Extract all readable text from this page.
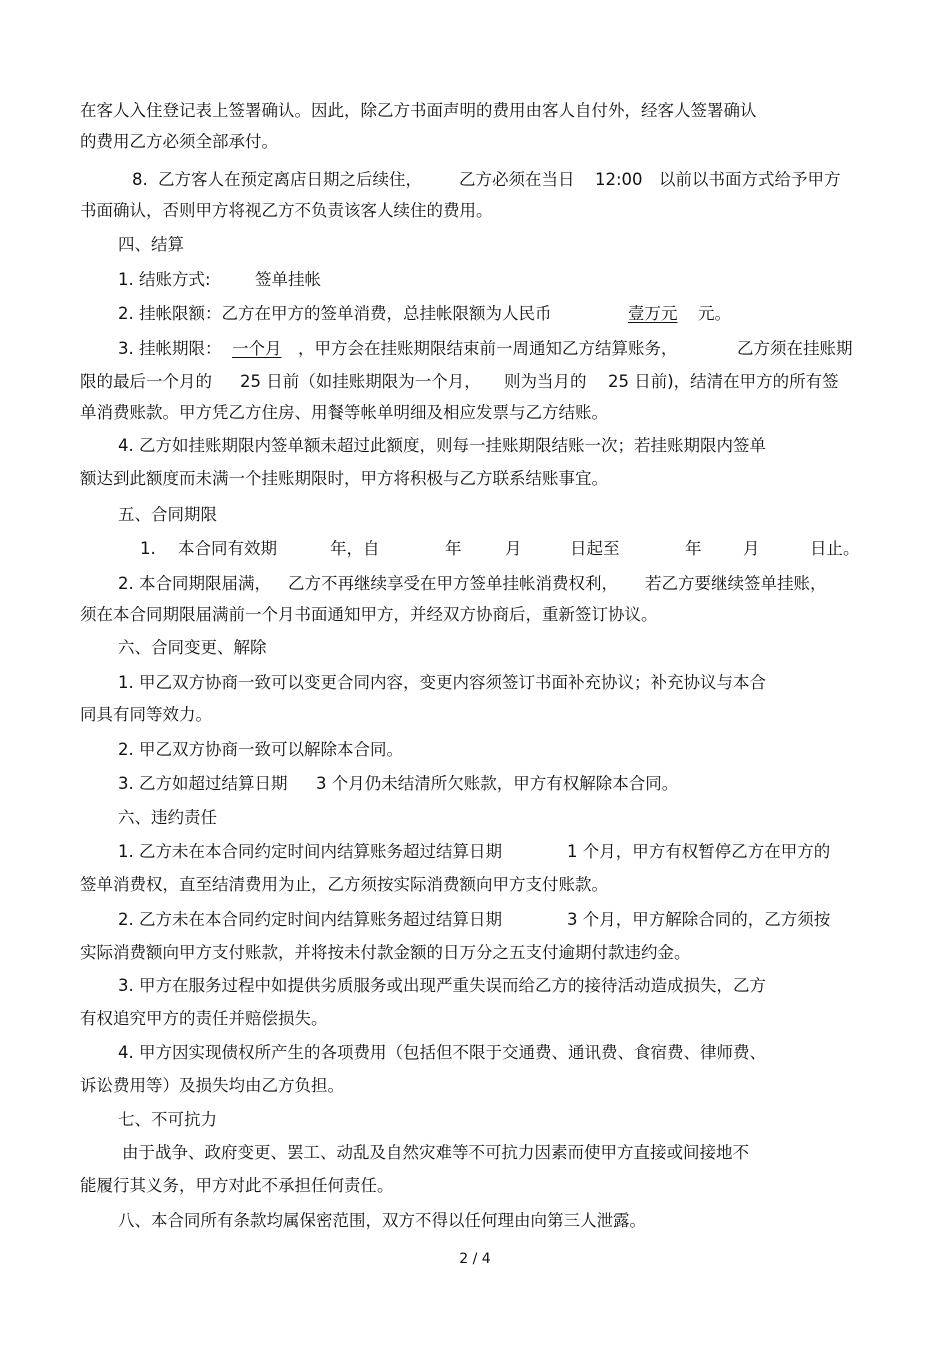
在客人入住登记表上签署确认。因此，除乙方书面声明的费用由客人自付外，经客人签署确认
的费用乙方必须全部承付。
8. 乙方客人在预定离店日期之后续住， 乙方必须在当日 12:00 以前以书面方式给予甲方
书面确认，否则甲方将视乙方不负责该客人续住的费用。
四、结算
1. 结账方式:	签单挂帐
2. 挂帐限额：乙方在甲方的签单消费，总挂帐限额为人民币	壹万元 元。
3. 挂帐期限： 一个月 ，甲方会在挂账期限结束前一周通知乙方结算账务，	乙方须在挂账期
限的最后一个月的 25 日前（如挂账期限为一个月， 则为当月的 25 日前)，结清在甲方的所有签
单消费账款。甲方凭乙方住房、用餐等帐单明细及相应发票与乙方结账。
4. 乙方如挂账期限内签单额未超过此额度，则每一挂账期限结账一次；若挂账期限内签单
额达到此额度而未满一个挂账期限时，甲方将积极与乙方联系结账事宜。
五、合同期限
1. 本合同有效期	年，自	年	月	日起至	年	月	日止。
2. 本合同期限届满， 乙方不再继续享受在甲方签单挂帐消费权利， 若乙方要继续签单挂账，
须在本合同期限届满前一个月书面通知甲方，并经双方协商后，重新签订协议。
六、合同变更、解除
1. 甲乙双方协商一致可以变更合同内容，变更内容须签订书面补充协议；补充协议与本合
同具有同等效力。
2. 甲乙双方协商一致可以解除本合同。
3. 乙方如超过结算日期 3 个月仍未结清所欠账款，甲方有权解除本合同。
六、违约责任
1. 乙方未在本合同约定时间内结算账务超过结算日期	1 个月，甲方有权暂停乙方在甲方的
签单消费权，直至结清费用为止，乙方须按实际消费额向甲方支付账款。
2. 乙方未在本合同约定时间内结算账务超过结算日期	3 个月，甲方解除合同的，乙方须按
实际消费额向甲方支付账款，并将按未付款金额的日万分之五支付逾期付款违约金。
3. 甲方在服务过程中如提供劣质服务或出现严重失误而给乙方的接待活动造成损失，乙方
有权追究甲方的责任并赔偿损失。
4. 甲方因实现债权所产生的各项费用（包括但不限于交通费、通讯费、食宿费、律师费、
诉讼费用等）及损失均由乙方负担。
七、不可抗力
由于战争、政府变更、罢工、动乱及自然灾难等不可抗力因素而使甲方直接或间接地不
能履行其义务，甲方对此不承担任何责任。
八、本合同所有条款均属保密范围，双方不得以任何理由向第三人泄露。
2 / 4
